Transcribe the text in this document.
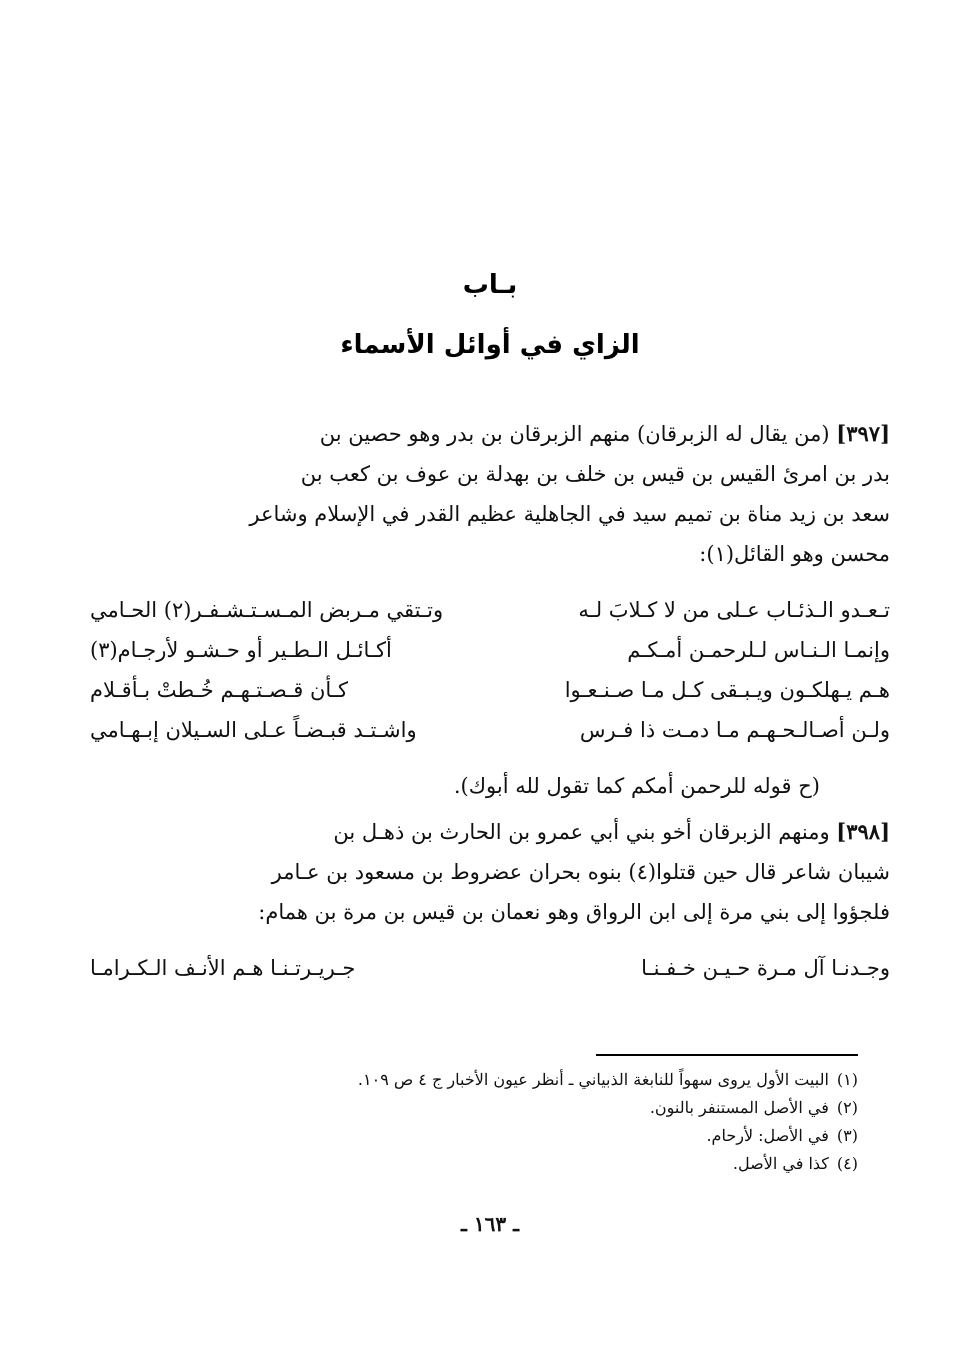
بـاب
الزاي في أوائل الأسماء
[٣٩٧] (من يقال له الزبرقان) منهم الزبرقان بن بدر وهو حصين بن
بدر بن امرئ القيس بن قيس بن خلف بن بهدلة بن عوف بن كعب بن
سعد بن زيد مناة بن تميم سيد في الجاهلية عظيم القدر في الإسلام وشاعر
محسن وهو القائل(١):
تـعـدو الـذئـاب عـلى من لا كـلابَ لـه
وتـتقي مـربض المـسـتـشـفـر(٢) الحـامي
وإنمـا الـنـاس لـلرحمـن أمـكـم
أكـائـل الـطـير أو حـشـو لأرجـام(٣)
هـم يـهلكـون ويـبـقى كـل مـا صـنـعـوا
كـأن قـصـتـهـم خُـطتْ بـأقـلام
ولـن أصـالـحـهـم مـا دمـت ذا فـرس
واشـتـد قبـضـاً عـلى السـيلان إبـهـامي
(ح قوله للرحمن أمكم كما تقول لله أبوك).
[٣٩٨] ومنهم الزبرقان أخو بني أبي عمرو بن الحارث بن ذهـل بن
شيبان شاعر قال حين قتلوا(٤) بنوه بحران عضروط بن مسعود بن عـامر
فلجؤوا إلى بني مرة إلى ابن الرواق وهو نعمان بن قيس بن مرة بن همام:
وجـدنـا آل مـرة حـيـن خـفـنـا
جـريـرتـنـا هـم الأنـف الـكـرامـا
(١)البيت الأول يروى سهواً للنابغة الذبياني ـ أنظر عيون الأخبار ج ٤ ص ١٠٩.
(٢)في الأصل المستنفر بالنون.
(٣)في الأصل: لأرحام.
(٤)كذا في الأصل.
ـ ١٦٣ ـ
